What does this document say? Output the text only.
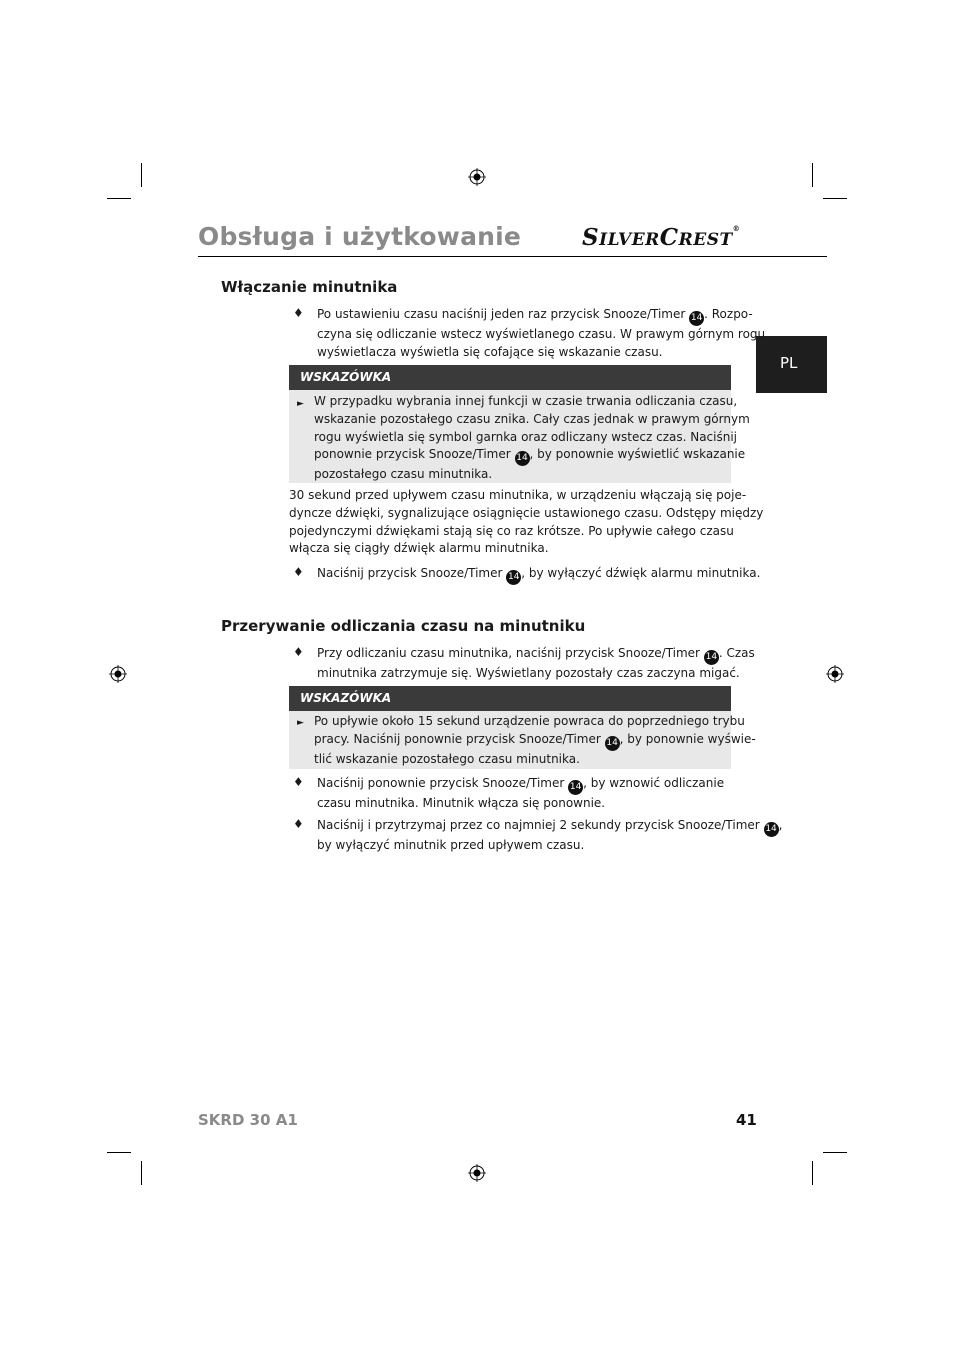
Obsługa i użytkowanie	SILVERCREST®
PL
Włączanie minutnika
♦ Po ustawieniu czasu naciśnij jeden raz przycisk Snooze/Timer 14 . Rozpo-
czyna się odliczanie wstecz wyświetlanego czasu. W prawym górnym rogu
wyświetlacza wyświetla się cofające się wskazanie czasu.
WSKAZÓWKA
► W przypadku wybrania innej funkcji w czasie trwania odliczania czasu,
wskazanie pozostałego czasu znika. Cały czas jednak w prawym górnym
rogu wyświetla się symbol garnka oraz odliczany wstecz czas. Naciśnij
ponownie przycisk Snooze/Timer 14 , by ponownie wyświetlić wskazanie
pozostałego czasu minutnika.
30 sekund przed upływem czasu minutnika, w urządzeniu włączają się poje-
dyncze dźwięki, sygnalizujące osiągnięcie ustawionego czasu. Odstępy między
pojedynczymi dźwiękami stają się co raz krótsze. Po upływie całego czasu
włącza się ciągły dźwięk alarmu minutnika.
♦ Naciśnij przycisk Snooze/Timer 14 , by wyłączyć dźwięk alarmu minutnika.
Przerywanie odliczania czasu na minutniku
♦ Przy odliczaniu czasu minutnika, naciśnij przycisk Snooze/Timer 14 . Czas
minutnika zatrzymuje się. Wyświetlany pozostały czas zaczyna migać.
WSKAZÓWKA
► Po upływie około 15 sekund urządzenie powraca do poprzedniego trybu
pracy. Naciśnij ponownie przycisk Snooze/Timer 14 , by ponownie wyświe-
tlić wskazanie pozostałego czasu minutnika.
♦ Naciśnij ponownie przycisk Snooze/Timer 14 , by wznowić odliczanie
czasu minutnika. Minutnik włącza się ponownie.
♦ Naciśnij i przytrzymaj przez co najmniej 2 sekundy przycisk Snooze/Timer 14 ,
by wyłączyć minutnik przed upływem czasu.
SKRD 30 A1	41
